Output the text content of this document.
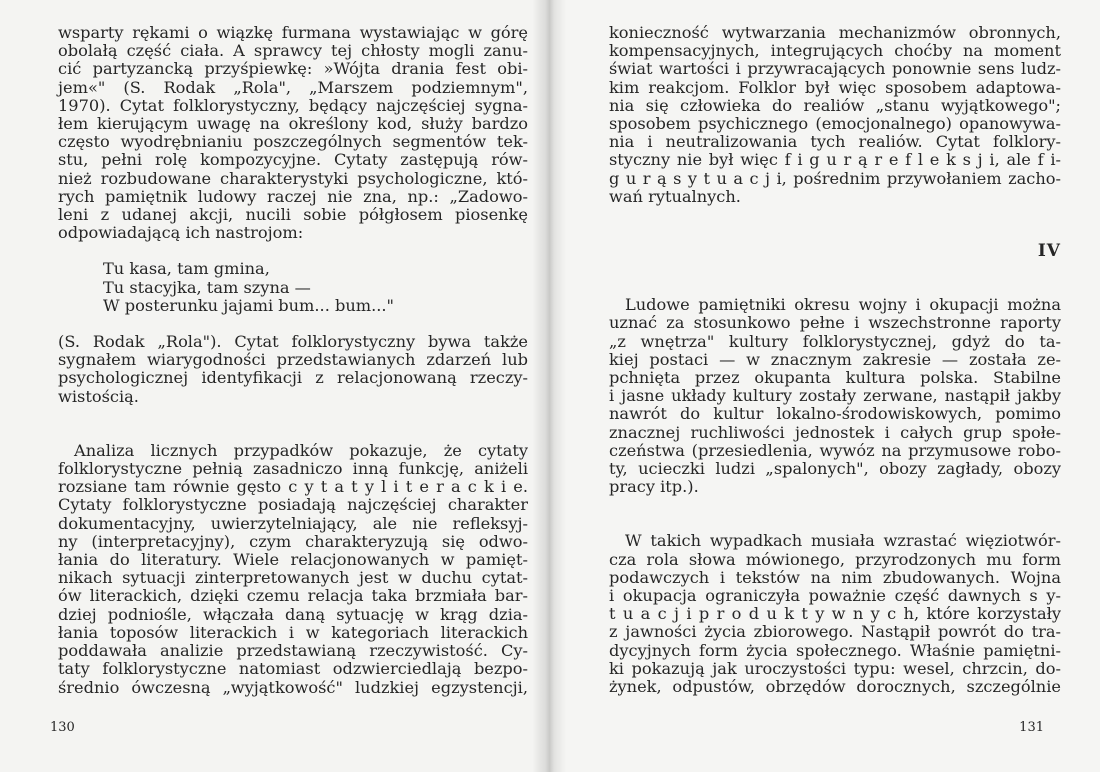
wsparty rękami o wiązkę furmana wystawiając w górę
obolałą część ciała. A sprawcy tej chłosty mogli zanu-
cić partyzancką przyśpiewkę: »Wójta drania fest obi-
jem«" (S. Rodak „Rola", „Marszem podziemnym",
1970). Cytat folklorystyczny, będący najczęściej sygna-
łem kierującym uwagę na określony kod, służy bardzo
często wyodrębnianiu poszczególnych segmentów tek-
stu, pełni rolę kompozycyjne. Cytaty zastępują rów-
nież rozbudowane charakterystyki psychologiczne, któ-
rych pamiętnik ludowy raczej nie zna, np.: „Zadowo-
leni z udanej akcji, nucili sobie półgłosem piosenkę
odpowiadającą ich nastrojom:
Tu kasa, tam gmina,
Tu stacyjka, tam szyna —
W posterunku jajami bum... bum..."
(S. Rodak „Rola"). Cytat folklorystyczny bywa także
sygnałem wiarygodności przedstawianych zdarzeń lub
psychologicznej identyfikacji z relacjonowaną rzeczy-
wistością.
Analiza licznych przypadków pokazuje, że cytaty
folklorystyczne pełnią zasadniczo inną funkcję, aniżeli
rozsiane tam równie gęsto c y t a t y l i t e r a c k i e.
Cytaty folklorystyczne posiadają najczęściej charakter
dokumentacyjny, uwierzytelniający, ale nie refleksyj-
ny (interpretacyjny), czym charakteryzują się odwo-
łania do literatury. Wiele relacjonowanych w pamięt-
nikach sytuacji zinterpretowanych jest w duchu cytat-
ów literackich, dzięki czemu relacja taka brzmiała bar-
dziej podniośle, włączała daną sytuację w krąg dzia-
łania toposów literackich i w kategoriach literackich
poddawała analizie przedstawianą rzeczywistość. Cy-
taty folklorystyczne natomiast odzwierciedlają bezpo-
średnio ówczesną „wyjątkowość" ludzkiej egzystencji,
130
konieczność wytwarzania mechanizmów obronnych,
kompensacyjnych, integrujących choćby na moment
świat wartości i przywracających ponownie sens ludz-
kim reakcjom. Folklor był więc sposobem adaptowa-
nia się człowieka do realiów „stanu wyjątkowego";
sposobem psychicznego (emocjonalnego) opanowywa-
nia i neutralizowania tych realiów. Cytat folklory-
styczny nie był więc f i g u r ą r e f l e k s j i, ale f i-
g u r ą s y t u a c j i, pośrednim przywołaniem zacho-
wań rytualnych.
IV
Ludowe pamiętniki okresu wojny i okupacji można
uznać za stosunkowo pełne i wszechstronne raporty
„z wnętrza" kultury folklorystycznej, gdyż do ta-
kiej postaci — w znacznym zakresie — została ze-
pchnięta przez okupanta kultura polska. Stabilne
i jasne układy kultury zostały zerwane, nastąpił jakby
nawrót do kultur lokalno-środowiskowych, pomimo
znacznej ruchliwości jednostek i całych grup społe-
czeństwa (przesiedlenia, wywóz na przymusowe robo-
ty, ucieczki ludzi „spalonych", obozy zagłady, obozy
pracy itp.).
W takich wypadkach musiała wzrastać więziotwór-
cza rola słowa mówionego, przyrodzonych mu form
podawczych i tekstów na nim zbudowanych. Wojna
i okupacja ograniczyła poważnie część dawnych s y-
t u a c j i p r o d u k t y w n y c h, które korzystały
z jawności życia zbiorowego. Nastąpił powrót do tra-
dycyjnych form życia społecznego. Właśnie pamiętni-
ki pokazują jak uroczystości typu: wesel, chrzcin, do-
żynek, odpustów, obrzędów dorocznych, szczególnie
131
